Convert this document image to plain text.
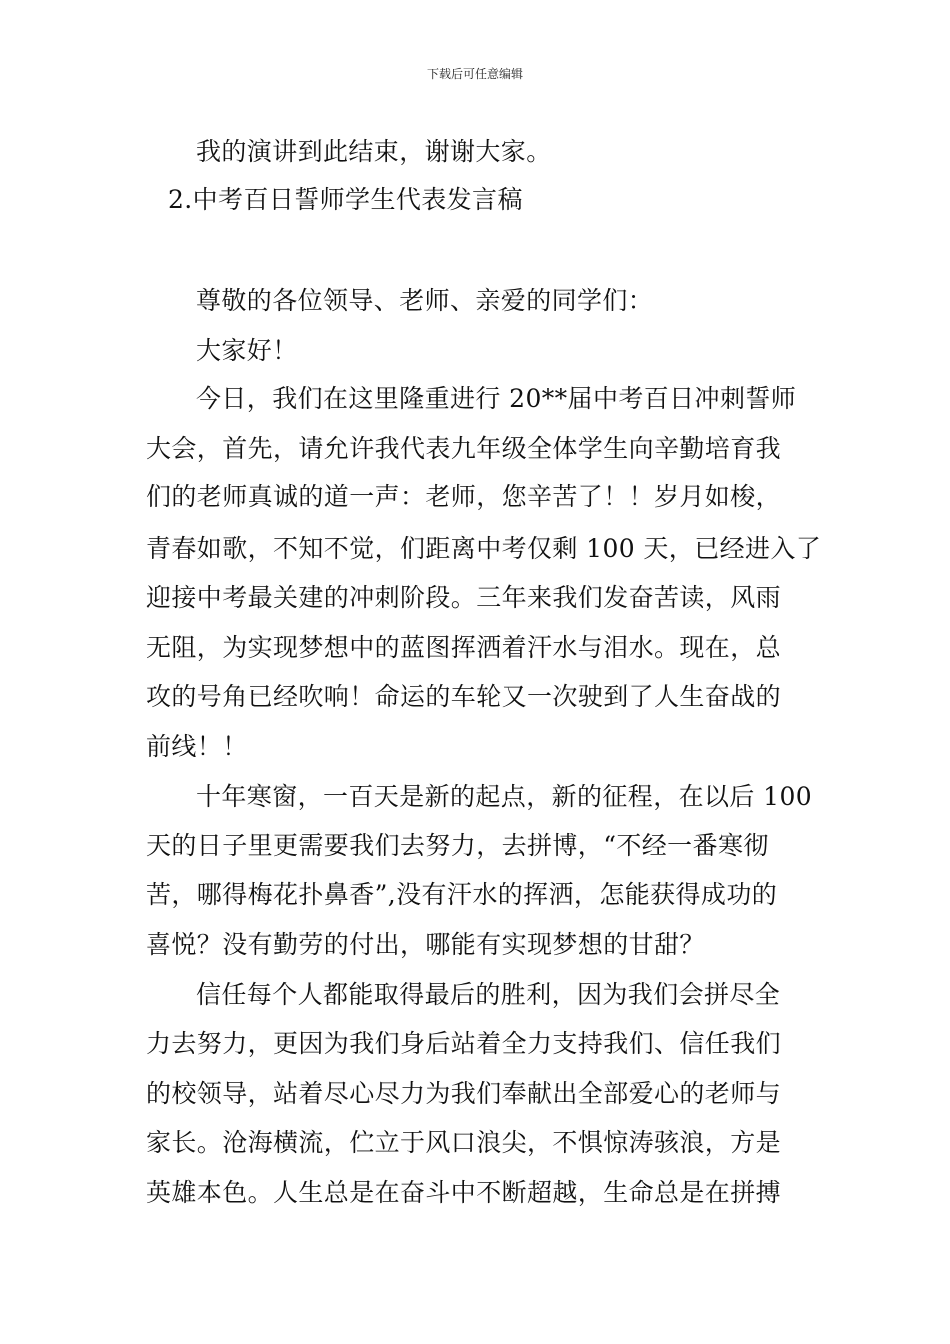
下载后可任意编辑
我的演讲到此结束，谢谢大家。
2.中考百日誓师学生代表发言稿
尊敬的各位领导、老师、亲爱的同学们：
大家好！
今日，我们在这里隆重进行 20**届中考百日冲刺誓师
大会，首先，请允许我代表九年级全体学生向辛勤培育我
们的老师真诚的道一声：老师，您辛苦了！！岁月如梭，
青春如歌，不知不觉，们距离中考仅剩 100 天，已经进入了
迎接中考最关建的冲刺阶段。三年来我们发奋苦读，风雨
无阻，为实现梦想中的蓝图挥洒着汗水与泪水。现在，总
攻的号角已经吹响！命运的车轮又一次驶到了人生奋战的
前线！！
十年寒窗，一百天是新的起点，新的征程，在以后 100
天的日子里更需要我们去努力，去拼博，“不经一番寒彻
苦，哪得梅花扑鼻香”,没有汗水的挥洒，怎能获得成功的
喜悦？没有勤劳的付出，哪能有实现梦想的甘甜？
信任每个人都能取得最后的胜利，因为我们会拼尽全
力去努力，更因为我们身后站着全力支持我们、信任我们
的校领导，站着尽心尽力为我们奉献出全部爱心的老师与
家长。沧海横流，伫立于风口浪尖，不惧惊涛骇浪，方是
英雄本色。人生总是在奋斗中不断超越，生命总是在拼搏
